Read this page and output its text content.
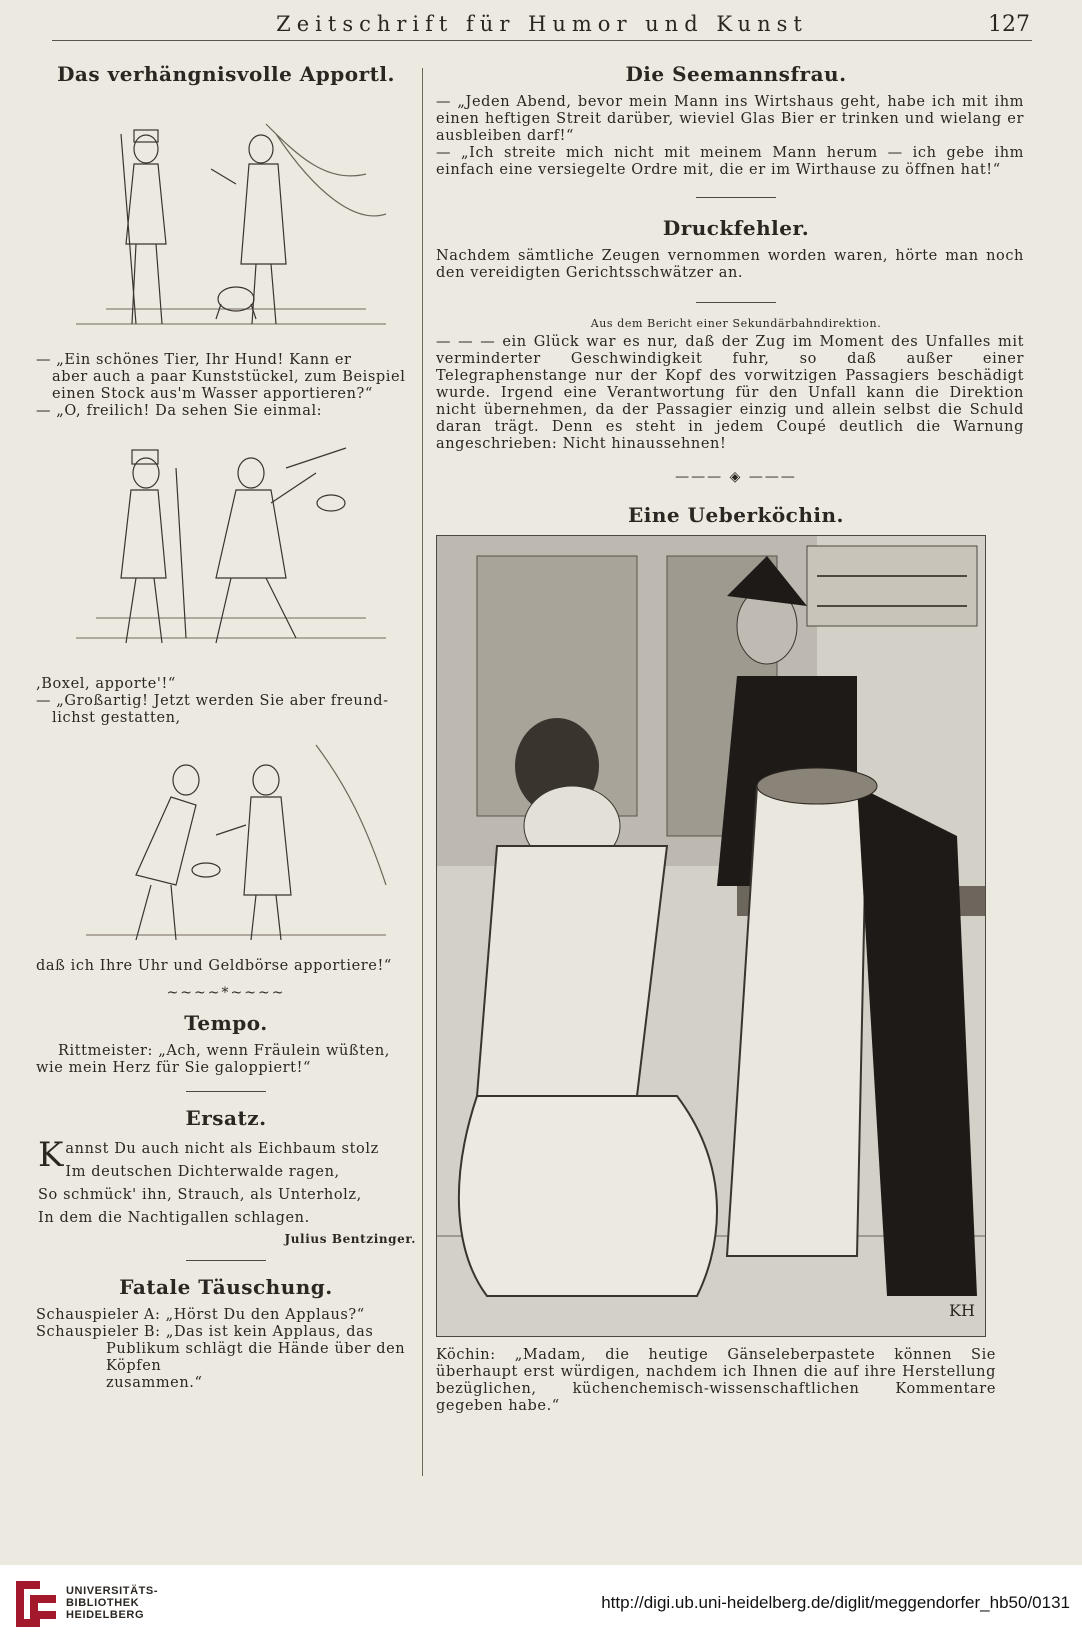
Zeitschrift für Humor und Kunst	127
Das verhängnisvolle Apportl.

— „Ein schönes Tier, Ihr Hund! Kann er

aber auch a paar Kunststückel, zum Beispiel

einen Stock aus'm Wasser apportieren?“

— „O, freilich! Da sehen Sie einmal:

‚Boxel, apporte'!“

— „Großartig! Jetzt werden Sie aber freund-

lichst gestatten,

daß ich Ihre Uhr und Geldbörse apportiere!“
~~~~*~~~~
Tempo.

Rittmeister: „Ach, wenn Fräulein wüßten,

wie mein Herz für Sie galoppiert!“

Ersatz.
K annst Du auch nicht als Eichbaum stolz

Im deutschen Dichterwalde ragen,

So schmück' ihn, Strauch, als Unterholz,

In dem die Nachtigallen schlagen.

Julius Bentzinger.
Fatale Täuschung.

Schauspieler A: „Hörst Du den Applaus?“

Schauspieler B: „Das ist kein Applaus, das

Publikum schlägt die Hände über den Köpfen

zusammen.“

Die Seemannsfrau.

— „Jeden Abend, bevor mein Mann ins Wirtshaus geht, habe ich mit ihm einen heftigen Streit darüber, wieviel Glas Bier er trinken und wielang er ausbleiben darf!“

— „Ich streite mich nicht mit meinem Mann herum — ich gebe ihm einfach eine versiegelte Ordre mit, die er im Wirthause zu öffnen hat!“

Druckfehler.
Nachdem sämtliche Zeugen vernommen worden waren, hörte man noch den vereidigten Gerichtsschwätzer an.
Aus dem Bericht einer Sekundärbahndirektion.
— — — ein Glück war es nur, daß der Zug im Moment des Unfalles mit verminderter Geschwindigkeit fuhr, so daß außer einer Telegraphenstange nur der Kopf des vorwitzigen Passagiers beschädigt wurde. Irgend eine Verantwortung für den Unfall kann die Direktion nicht übernehmen, da der Passagier einzig und allein selbst die Schuld daran trägt. Denn es steht in jedem Coupé deutlich die Warnung angeschrieben: Nicht hinaussehnen!
——— ◈ ———
Eine Ueberköchin.
KH
Köchin: „Madam, die heutige Gänseleberpastete können Sie überhaupt erst würdigen, nachdem ich Ihnen die auf ihre Herstellung bezüglichen, küchenchemisch-wissenschaftlichen Kommentare gegeben habe.“
UNIVERSITÄTS-
BIBLIOTHEK
HEIDELBERG
http://digi.ub.uni-heidelberg.de/diglit/meggendorfer_hb50/0131
